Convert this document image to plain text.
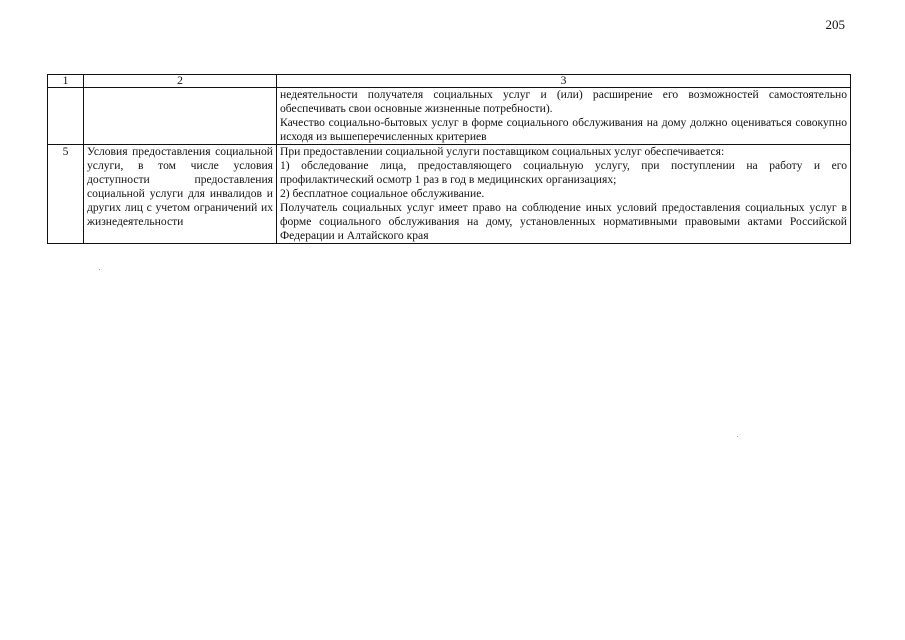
205
1	2	3

		недеятельности получателя социальных услуг и (или) расширение его возможностей самостоятельно обеспечивать свои основные жизненные потребности).

Качество социально-бытовых услуг в форме социального обслуживания на дому должно оцениваться совокупно исходя из вышеперечисленных критериев

5	Условия предоставления социальной услуги, в том числе условия доступности предоставления социальной услуги для инвалидов и других лиц с учетом ограничений их жизнедеятельности	При предоставлении социальной услуги поставщиком социальных услуг обеспечивается:

1) обследование лица, предоставляющего социальную услугу, при поступлении на работу и его профилактический осмотр 1 раз в год в медицинских организациях;

2) бесплатное социальное обслуживание.

Получатель социальных услуг имеет право на соблюдение иных условий предоставления социальных услуг в форме социального обслуживания на дому, установленных нормативными правовыми актами Российской Федерации и Алтайского края
